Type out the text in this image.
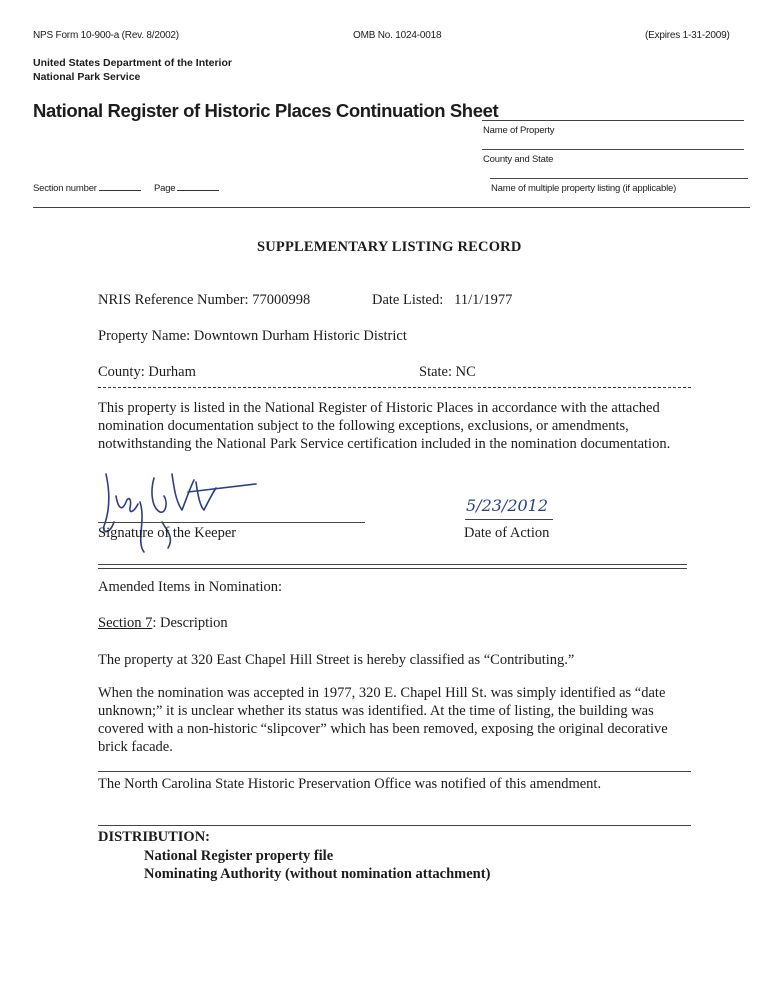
NPS Form 10-900-a (Rev. 8/2002)	OMB No. 1024-0018	(Expires 1-31-2009)
United States Department of the Interior
National Park Service
National Register of Historic Places Continuation Sheet
Name of Property
County and State
Section number	Page	Name of multiple property listing (if applicable)
SUPPLEMENTARY LISTING RECORD
NRIS Reference Number: 77000998	Date Listed: 11/1/1977
Property Name: Downtown Durham Historic District
County: Durham	State: NC
This property is listed in the National Register of Historic Places in accordance with the attached nomination documentation subject to the following exceptions, exclusions, or amendments, notwithstanding the National Park Service certification included in the nomination documentation.
Signature of the Keeper
5/23/2012
Date of Action
Amended Items in Nomination:
Section 7: Description
The property at 320 East Chapel Hill Street is hereby classified as “Contributing.”
When the nomination was accepted in 1977, 320 E. Chapel Hill St. was simply identified as “date unknown;” it is unclear whether its status was identified. At the time of listing, the building was covered with a non-historic “slipcover” which has been removed, exposing the original decorative brick facade.
The North Carolina State Historic Preservation Office was notified of this amendment.
DISTRIBUTION:
National Register property file
Nominating Authority (without nomination attachment)
